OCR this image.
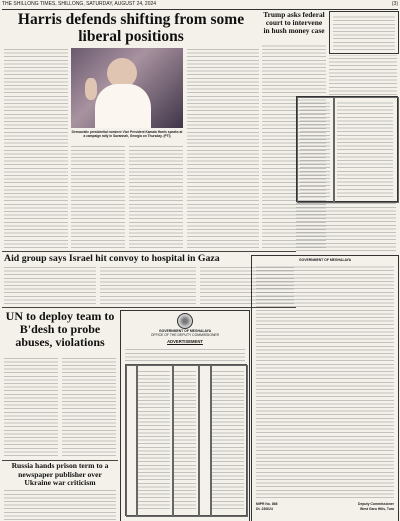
THE SHILLONG TIMES, SHILLONG, SATURDAY, AUGUST 24, 2024	(3)
Harris defends shifting from some liberal positions
Democratic presidential nominee Vice President Kamala Harris speaks at a campaign rally in Savannah, Georgia on Thursday. (PTI)
Trump asks federal court to intervene in hush money case
Aid group says Israel hit convoy to hospital in Gaza
UN to deploy team to B'desh to probe abuses, violations
Russia hands prison term to a newspaper publisher over Ukraine war criticism
GOVERNMENT OF MEGHALAYA
OFFICE OF THE DEPUTY COMMISSIONER
ADVERTISEMENT
GOVERNMENT OF MEGHALAYA
MIPR No. 866
Dt. 23/8/24
Deputy Commissioner
West Garo Hills, Tura
